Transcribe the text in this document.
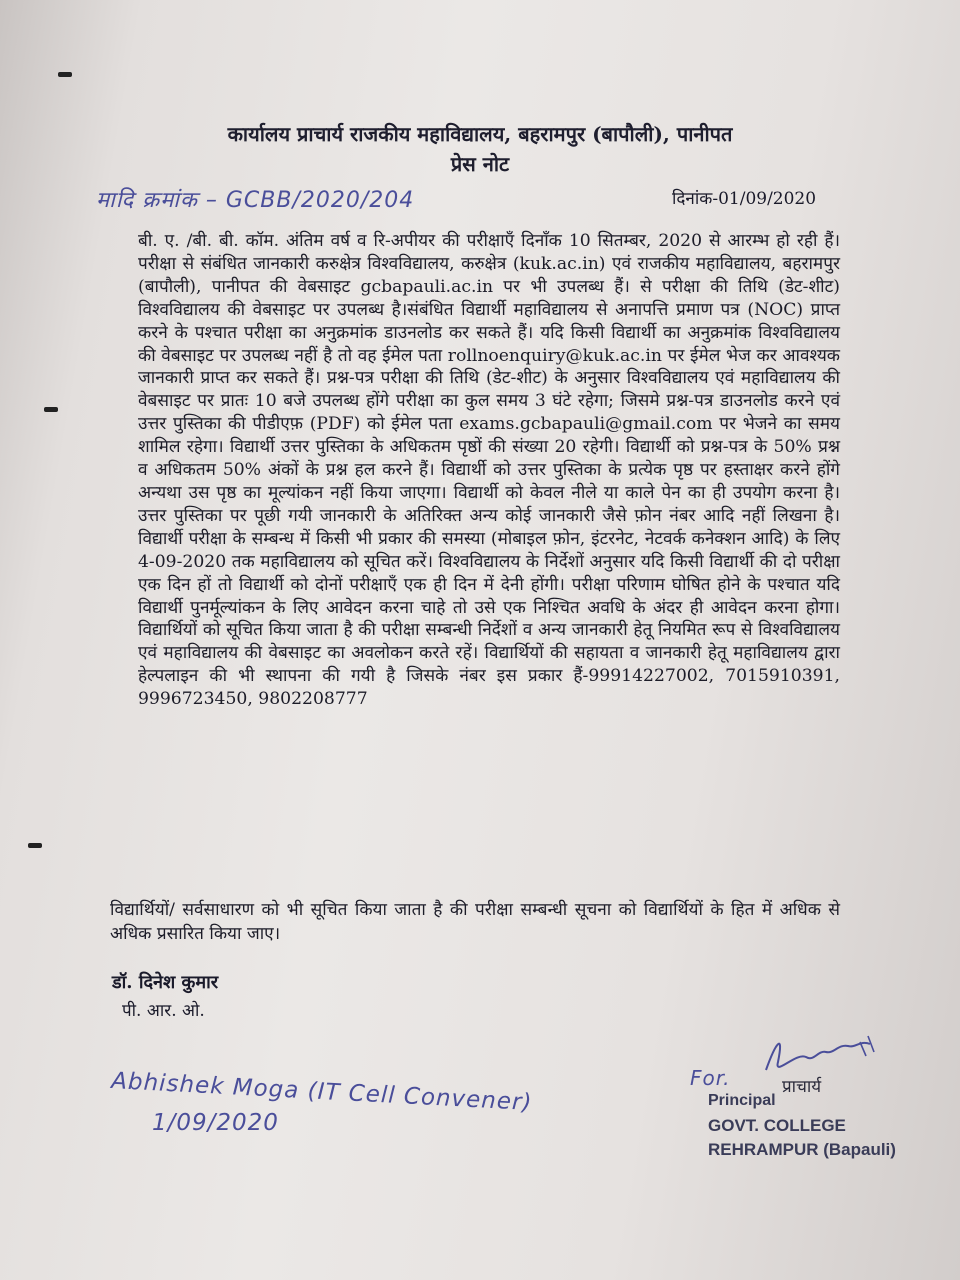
कार्यालय प्राचार्य राजकीय महाविद्यालय, बहरामपुर (बापौली), पानीपत
प्रेस नोट
मादि क्रमांक – GCBB/2020/204	दिनांक-01/09/2020
बी. ए. /बी. बी. कॉम. अंतिम वर्ष व रि-अपीयर की परीक्षाएँ दिनाँक 10 सितम्बर, 2020 से आरम्भ हो रही हैं। परीक्षा से संबंधित जानकारी करुक्षेत्र विश्वविद्यालय, करुक्षेत्र (kuk.ac.in) एवं राजकीय महाविद्यालय, बहरामपुर (बापौली), पानीपत की वेबसाइट gcbapauli.ac.in पर भी उपलब्ध हैं। से परीक्षा की तिथि (डेट-शीट) विश्वविद्यालय की वेबसाइट पर उपलब्ध है।संबंधित विद्यार्थी महाविद्यालय से अनापत्ति प्रमाण पत्र (NOC) प्राप्त करने के पश्चात परीक्षा का अनुक्रमांक डाउनलोड कर सकते हैं। यदि किसी विद्यार्थी का अनुक्रमांक विश्वविद्यालय की वेबसाइट पर उपलब्ध नहीं है तो वह ईमेल पता rollnoenquiry@kuk.ac.in पर ईमेल भेज कर आवश्यक जानकारी प्राप्त कर सकते हैं। प्रश्न-पत्र परीक्षा की तिथि (डेट-शीट) के अनुसार विश्वविद्यालय एवं महाविद्यालय की वेबसाइट पर प्रातः 10 बजे उपलब्ध होंगे परीक्षा का कुल समय 3 घंटे रहेगा; जिसमे प्रश्न-पत्र डाउनलोड करने एवं उत्तर पुस्तिका की पीडीएफ़ (PDF) को ईमेल पता exams.gcbapauli@gmail.com पर भेजने का समय शामिल रहेगा। विद्यार्थी उत्तर पुस्तिका के अधिकतम पृष्ठों की संख्या 20 रहेगी। विद्यार्थी को प्रश्न-पत्र के 50% प्रश्न व अधिकतम 50% अंकों के प्रश्न हल करने हैं। विद्यार्थी को उत्तर पुस्तिका के प्रत्येक पृष्ठ पर हस्ताक्षर करने होंगे अन्यथा उस पृष्ठ का मूल्यांकन नहीं किया जाएगा। विद्यार्थी को केवल नीले या काले पेन का ही उपयोग करना है। उत्तर पुस्तिका पर पूछी गयी जानकारी के अतिरिक्त अन्य कोई जानकारी जैसे फ़ोन नंबर आदि नहीं लिखना है। विद्यार्थी परीक्षा के सम्बन्ध में किसी भी प्रकार की समस्या (मोबाइल फ़ोन, इंटरनेट, नेटवर्क कनेक्शन आदि) के लिए 4-09-2020 तक महाविद्यालय को सूचित करें। विश्वविद्यालय के निर्देशों अनुसार यदि किसी विद्यार्थी की दो परीक्षा एक दिन हों तो विद्यार्थी को दोनों परीक्षाएँ एक ही दिन में देनी होंगी। परीक्षा परिणाम घोषित होने के पश्चात यदि विद्यार्थी पुनर्मूल्यांकन के लिए आवेदन करना चाहे तो उसे एक निश्चित अवधि के अंदर ही आवेदन करना होगा। विद्यार्थियों को सूचित किया जाता है की परीक्षा सम्बन्धी निर्देशों व अन्य जानकारी हेतू नियमित रूप से विश्वविद्यालय एवं महाविद्यालय की वेबसाइट का अवलोकन करते रहें। विद्यार्थियों की सहायता व जानकारी हेतू महाविद्यालय द्वारा हेल्पलाइन की भी स्थापना की गयी है जिसके नंबर इस प्रकार हैं-99914227002, 7015910391, 9996723450, 9802208777
विद्यार्थियों/ सर्वसाधारण को भी सूचित किया जाता है की परीक्षा सम्बन्धी सूचना को विद्यार्थियों के हित में अधिक से अधिक प्रसारित किया जाए।
डॉ. दिनेश कुमार
पी. आर. ओ.
Abhishek Moga (IT Cell Convener)
1/09/2020
For.	प्राचार्य
Principal
GOVT. COLLEGE
REHRAMPUR (Bapauli)
